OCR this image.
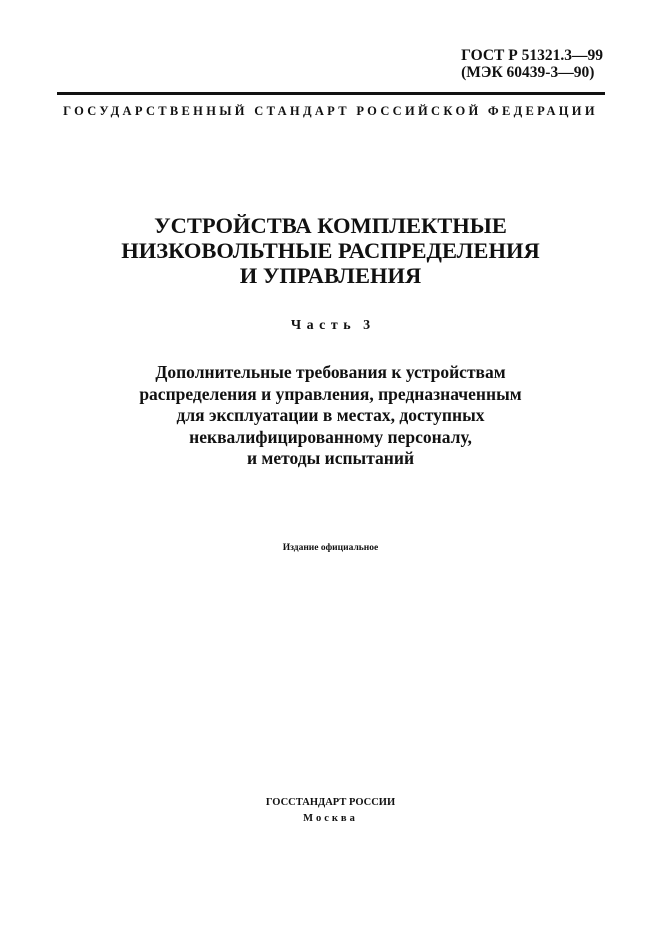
ГОСТ Р 51321.3—99
(МЭК 60439-3—90)
ГОСУДАРСТВЕННЫЙ СТАНДАРТ РОССИЙСКОЙ ФЕДЕРАЦИИ
УСТРОЙСТВА КОМПЛЕКТНЫЕ
НИЗКОВОЛЬТНЫЕ РАСПРЕДЕЛЕНИЯ
И УПРАВЛЕНИЯ
Часть 3
Дополнительные требования к устройствам
распределения и управления, предназначенным
для эксплуатации в местах, доступных
неквалифицированному персоналу,
и методы испытаний
Издание официальное
ГОССТАНДАРТ РОССИИ
Москва
